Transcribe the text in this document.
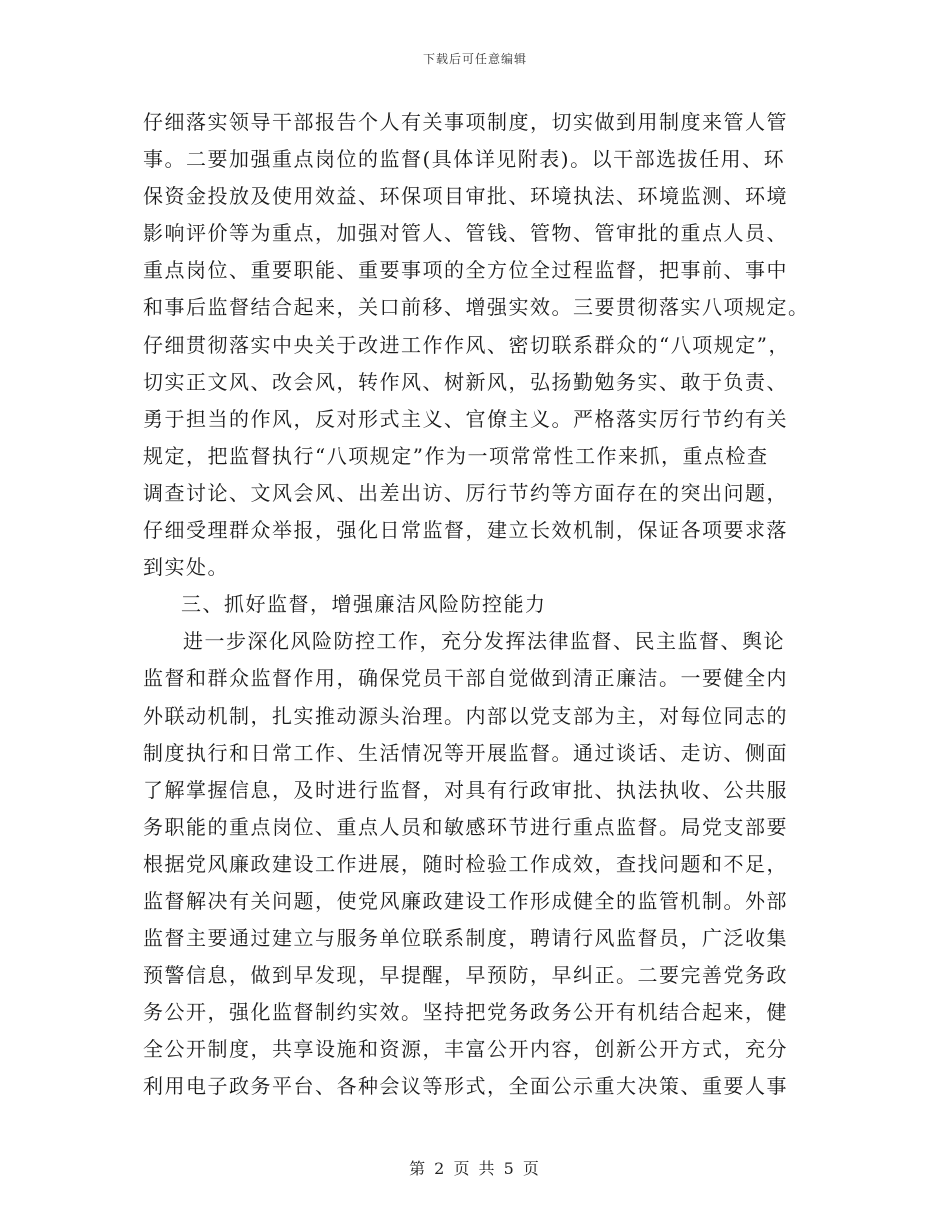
下载后可任意编辑
仔细落实领导干部报告个人有关事项制度，切实做到用制度来管人管
事。二要加强重点岗位的监督(具体详见附表)。以干部选拔任用、环
保资金投放及使用效益、环保项目审批、环境执法、环境监测、环境
影响评价等为重点，加强对管人、管钱、管物、管审批的重点人员、
重点岗位、重要职能、重要事项的全方位全过程监督，把事前、事中
和事后监督结合起来，关口前移、增强实效。三要贯彻落实八项规定。
仔细贯彻落实中央关于改进工作作风、密切联系群众的“八项规定”，
切实正文风、改会风，转作风、树新风，弘扬勤勉务实、敢于负责、
勇于担当的作风，反对形式主义、官僚主义。严格落实厉行节约有关
规定，把监督执行“八项规定”作为一项常常性工作来抓，重点检查
调查讨论、文风会风、出差出访、厉行节约等方面存在的突出问题，
仔细受理群众举报，强化日常监督，建立长效机制，保证各项要求落
到实处。
三、抓好监督，增强廉洁风险防控能力
进一步深化风险防控工作，充分发挥法律监督、民主监督、舆论
监督和群众监督作用，确保党员干部自觉做到清正廉洁。一要健全内
外联动机制，扎实推动源头治理。内部以党支部为主，对每位同志的
制度执行和日常工作、生活情况等开展监督。通过谈话、走访、侧面
了解掌握信息，及时进行监督，对具有行政审批、执法执收、公共服
务职能的重点岗位、重点人员和敏感环节进行重点监督。局党支部要
根据党风廉政建设工作进展，随时检验工作成效，查找问题和不足，
监督解决有关问题，使党风廉政建设工作形成健全的监管机制。外部
监督主要通过建立与服务单位联系制度，聘请行风监督员，广泛收集
预警信息，做到早发现，早提醒，早预防，早纠正。二要完善党务政
务公开，强化监督制约实效。坚持把党务政务公开有机结合起来，健
全公开制度，共享设施和资源，丰富公开内容，创新公开方式，充分
利用电子政务平台、各种会议等形式，全面公示重大决策、重要人事
第 2 页 共 5 页
